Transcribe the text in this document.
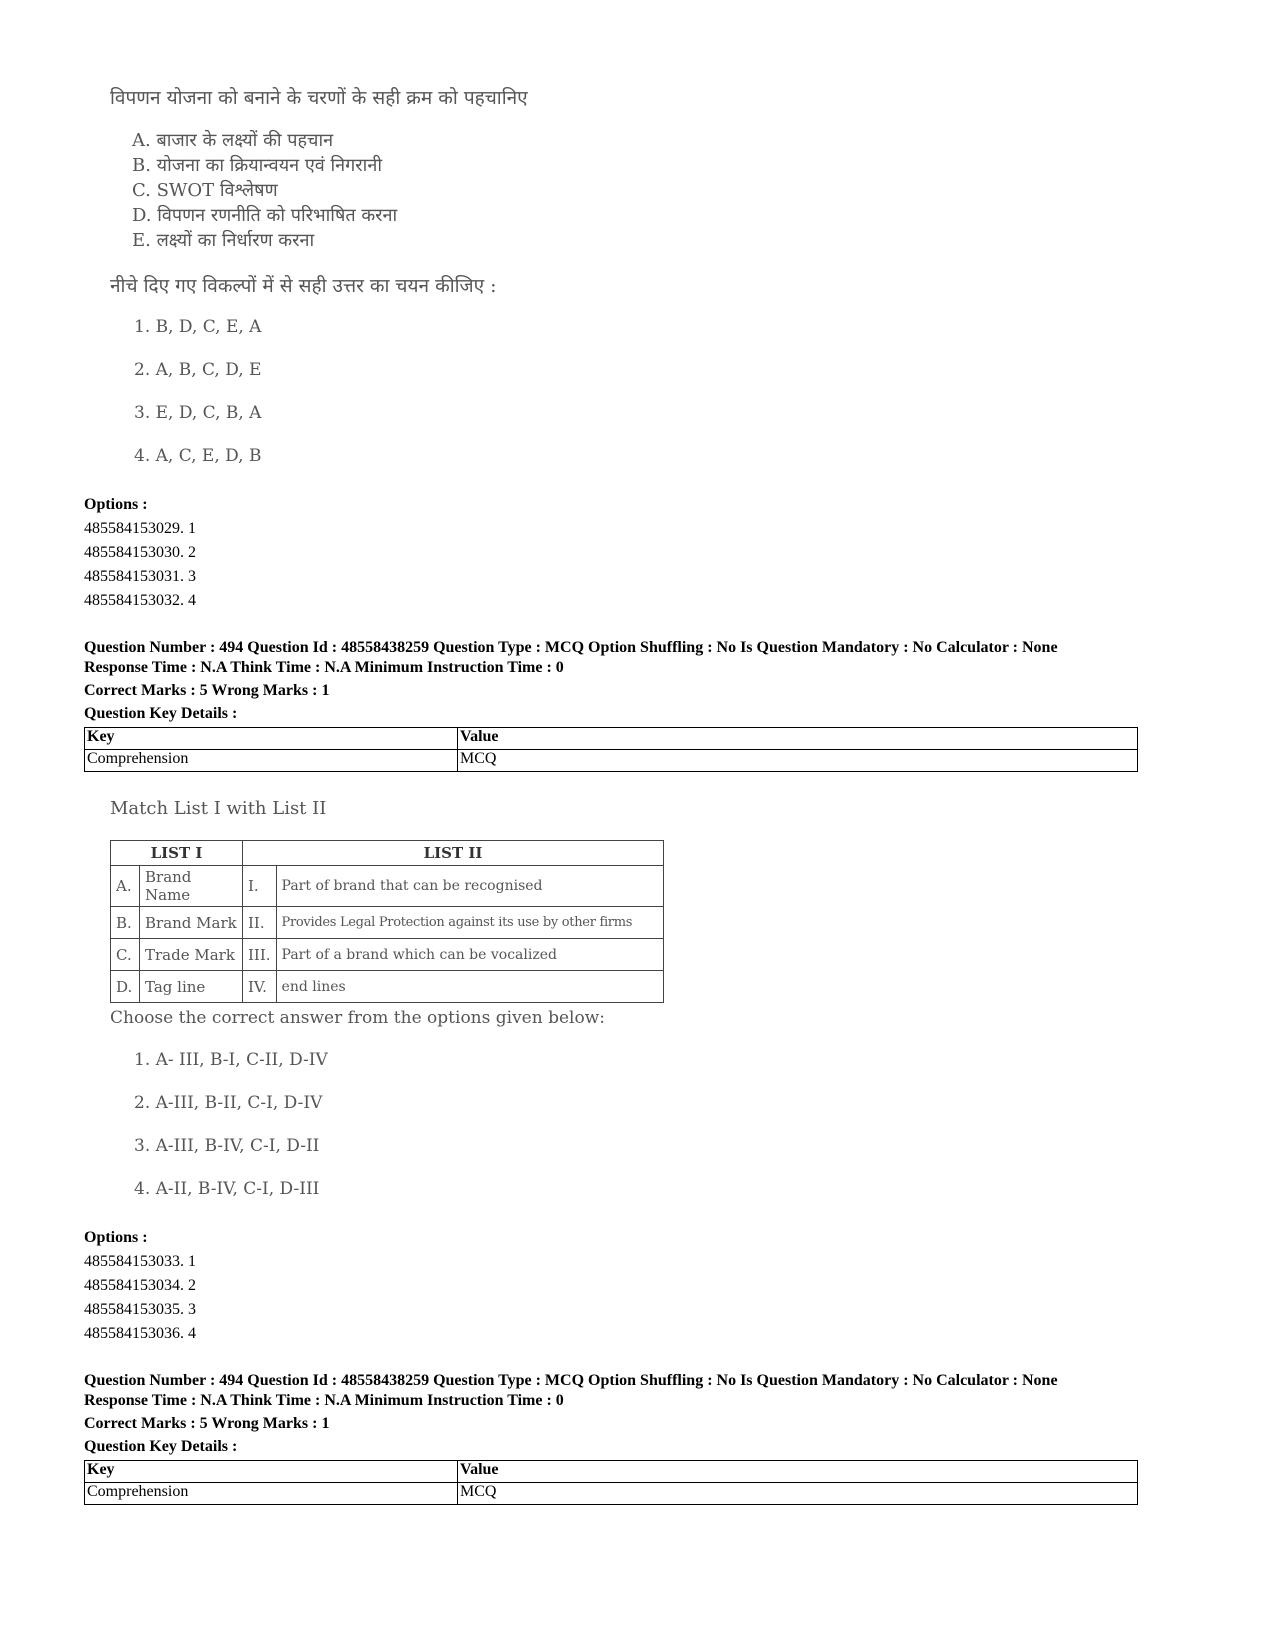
विपणन योजना को बनाने के चरणों के सही क्रम को पहचानिए
A. बाजार के लक्ष्यों की पहचान
B. योजना का क्रियान्वयन एवं निगरानी
C. SWOT विश्लेषण
D. विपणन रणनीति को परिभाषित करना
E. लक्ष्यों का निर्धारण करना
नीचे दिए गए विकल्पों में से सही उत्तर का चयन कीजिए :
1. B, D, C, E, A
2. A, B, C, D, E
3. E, D, C, B, A
4. A, C, E, D, B
Options :
485584153029. 1
485584153030. 2
485584153031. 3
485584153032. 4
Question Number : 494 Question Id : 48558438259 Question Type : MCQ Option Shuffling : No Is Question Mandatory : No Calculator : None
Response Time : N.A Think Time : N.A Minimum Instruction Time : 0
Correct Marks : 5 Wrong Marks : 1
Question Key Details :
Key	Value
Comprehension	MCQ
Match List I with List II
LIST I		LIST II	
A.	Brand Name	I.	Part of brand that can be recognised
B.	Brand Mark	II.	Provides Legal Protection against its use by other firms
C.	Trade Mark	III.	Part of a brand which can be vocalized
D.	Tag line	IV.	end lines
Choose the correct answer from the options given below:
1. A- III, B-I, C-II, D-IV
2. A-III, B-II, C-I, D-IV
3. A-III, B-IV, C-I, D-II
4. A-II, B-IV, C-I, D-III
Options :
485584153033. 1
485584153034. 2
485584153035. 3
485584153036. 4
Question Number : 494 Question Id : 48558438259 Question Type : MCQ Option Shuffling : No Is Question Mandatory : No Calculator : None
Response Time : N.A Think Time : N.A Minimum Instruction Time : 0
Correct Marks : 5 Wrong Marks : 1
Question Key Details :
Key	Value
Comprehension	MCQ
